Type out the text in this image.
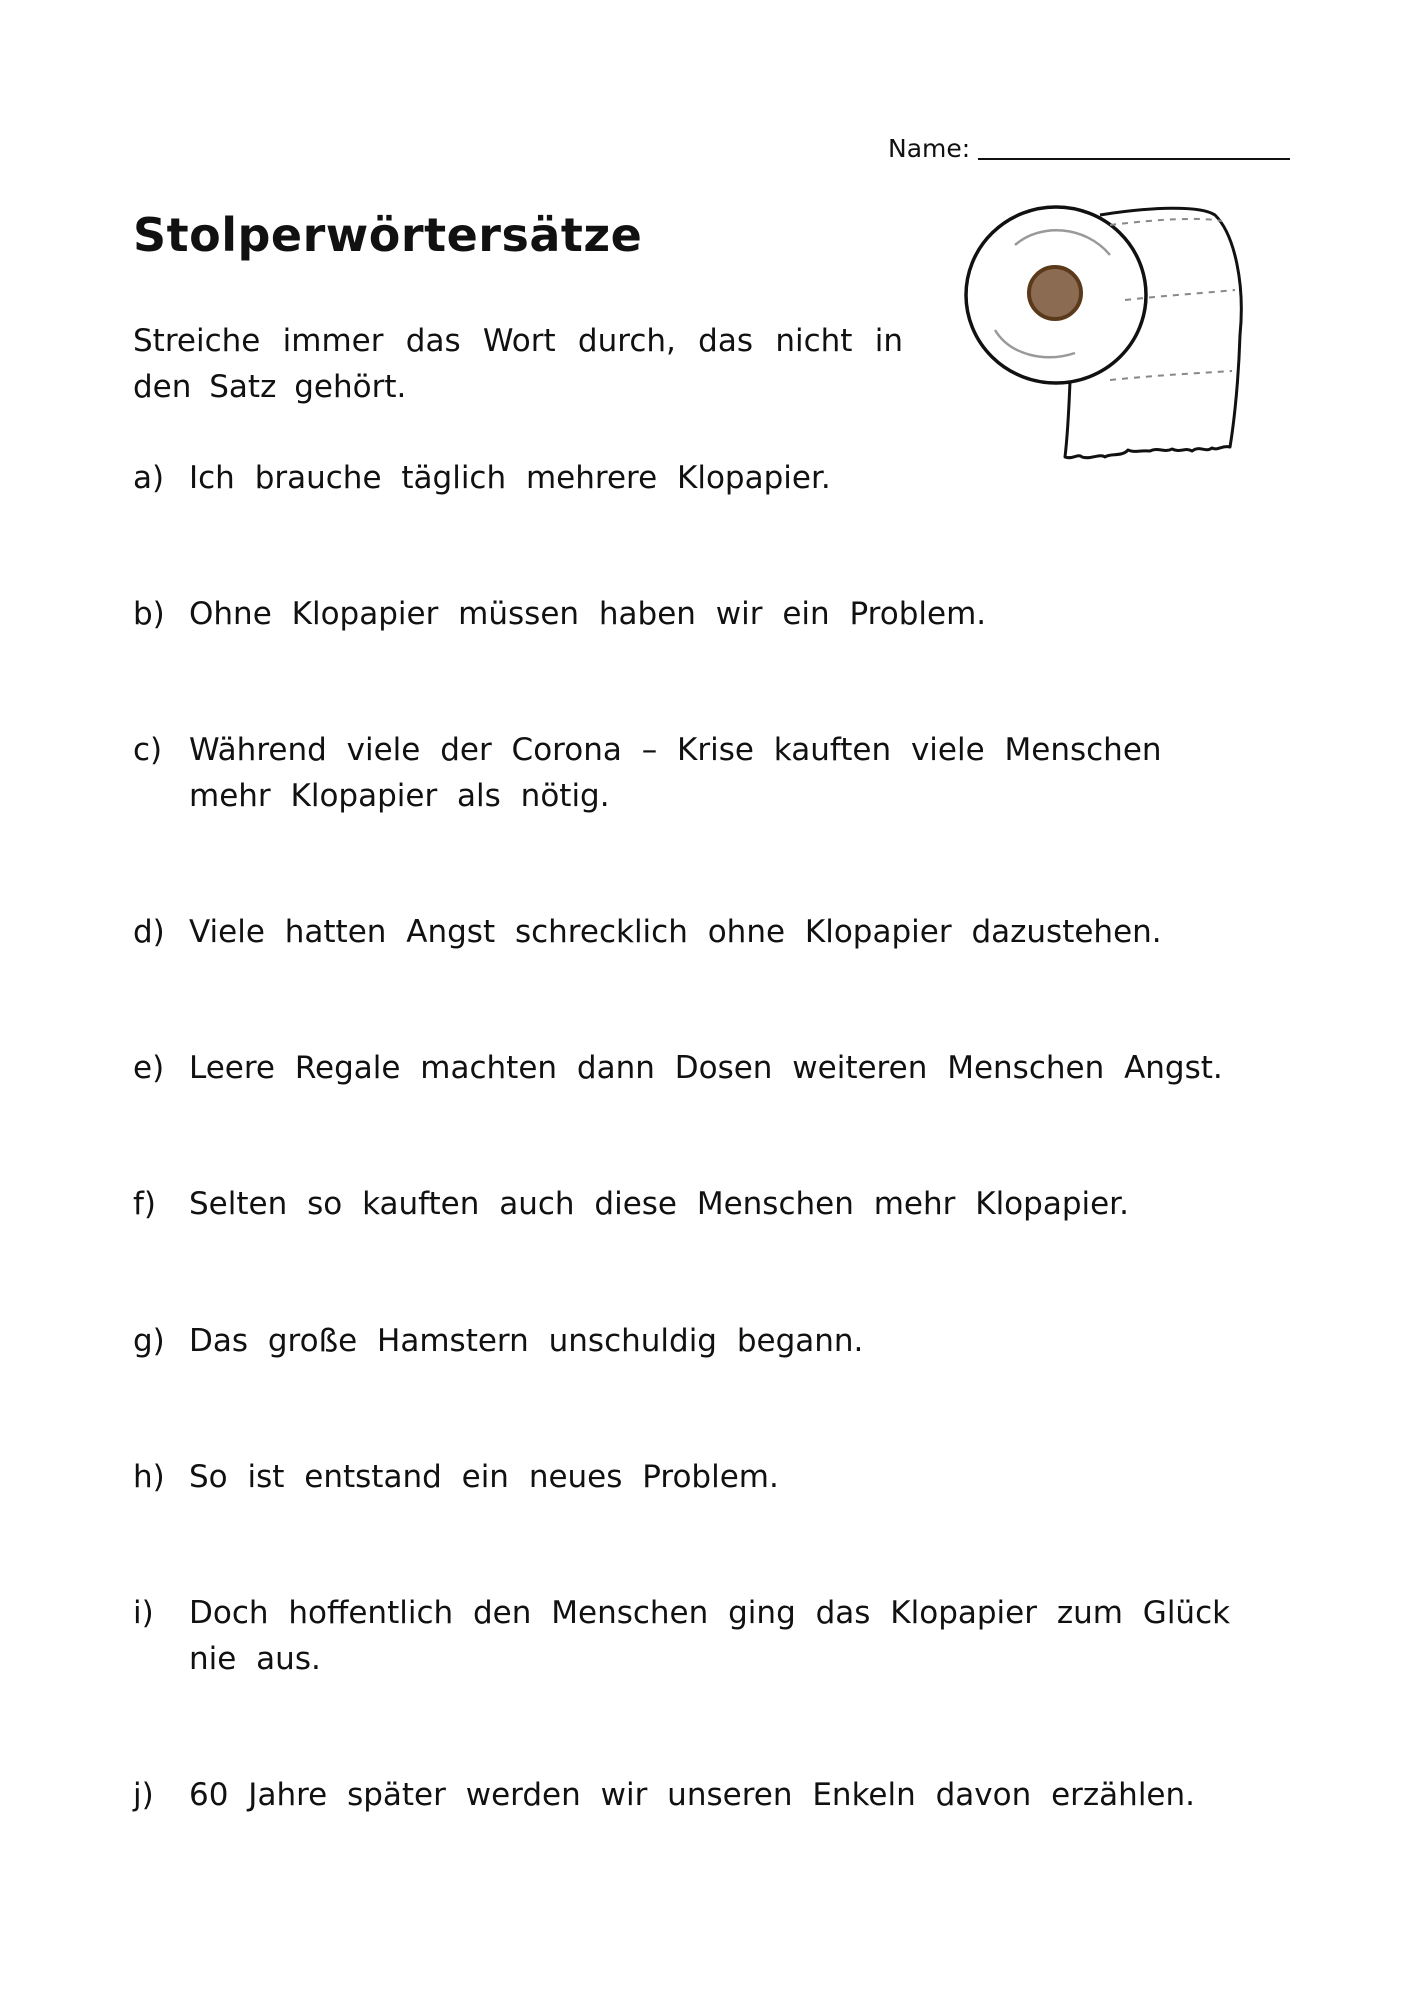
Name:
Stolperwörtersätze

Streiche immer das Wort durch, das nicht in den Satz gehört.

a) Ich brauche täglich mehrere Klopapier.
b) Ohne Klopapier müssen haben wir ein Problem.
c) Während viele der Corona – Krise kauften viele Menschen mehr Klopapier als nötig.
d) Viele hatten Angst schrecklich ohne Klopapier dazustehen.
e) Leere Regale machten dann Dosen weiteren Menschen Angst.
f)	Selten so kauften auch diese Menschen mehr Klopapier.
g) Das große Hamstern unschuldig begann.
h) So ist entstand ein neues Problem.
i)	Doch hoffentlich den Menschen ging das Klopapier zum Glück nie aus.
j)	60 Jahre später werden wir unseren Enkeln davon erzählen.
